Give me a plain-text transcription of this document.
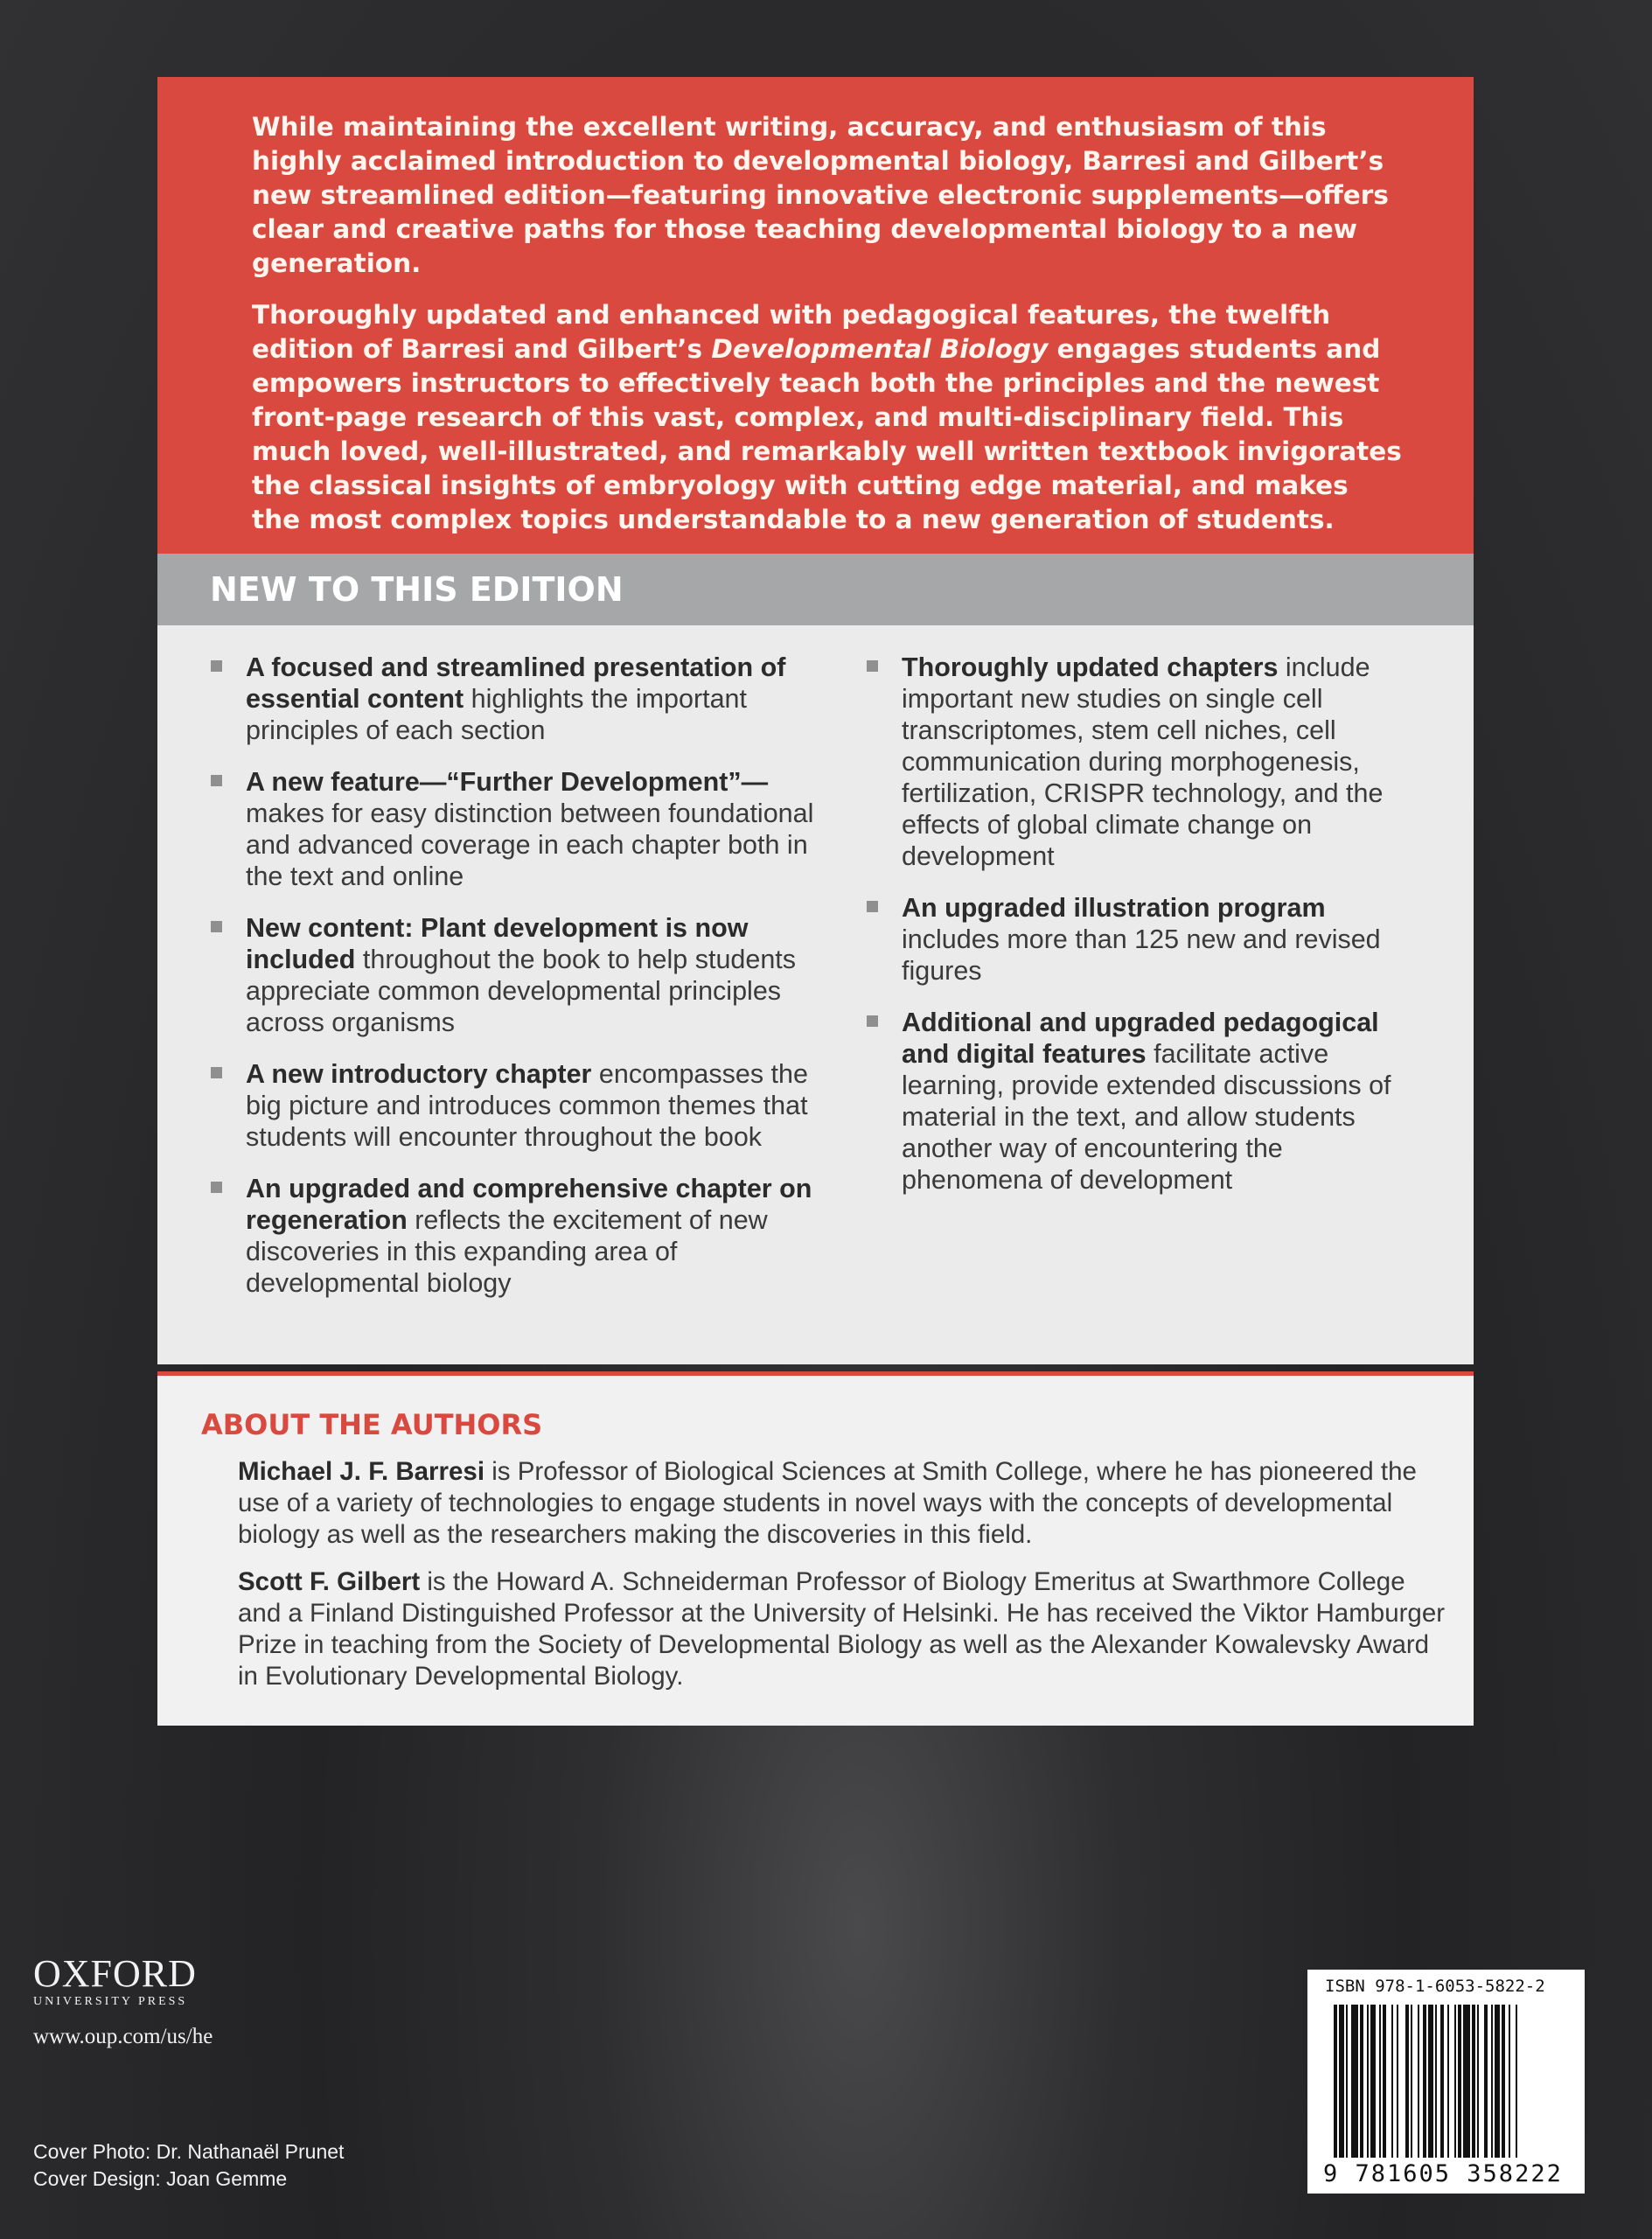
While maintaining the excellent writing, accuracy, and enthusiasm of this highly acclaimed introduction to developmental biology, Barresi and Gilbert’s new streamlined edition—featuring innovative electronic supplements—offers clear and creative paths for those teaching developmental biology to a new generation.

Thoroughly updated and enhanced with pedagogical features, the twelfth edition of Barresi and Gilbert’s Developmental Biology engages students and empowers instructors to effectively teach both the principles and the newest front-page research of this vast, complex, and multi-disciplinary field. This much loved, well-illustrated, and remarkably well written textbook invigorates the classical insights of embryology with cutting edge material, and makes the most complex topics understandable to a new generation of students.

NEW TO THIS EDITION
A focused and streamlined presentation of essential content highlights the important principles of each section
A new feature—“Further Development”— makes for easy distinction between foundational and advanced coverage in each chapter both in the text and online
New content: Plant development is now included throughout the book to help students appreciate common developmental principles across organisms
A new introductory chapter encompasses the big picture and introduces common themes that students will encounter throughout the book
An upgraded and comprehensive chapter on regeneration reflects the excitement of new discoveries in this expanding area of developmental biology
Thoroughly updated chapters include important new studies on single cell transcriptomes, stem cell niches, cell communication during morphogenesis, fertilization, CRISPR technology, and the effects of global climate change on development
An upgraded illustration program includes more than 125 new and revised figures
Additional and upgraded pedagogical and digital features facilitate active learning, provide extended discussions of material in the text, and allow students another way of encountering the phenomena of development
ABOUT THE AUTHORS
Michael J. F. Barresi is Professor of Biological Sciences at Smith College, where he has pioneered the use of a variety of technologies to engage students in novel ways with the concepts of developmental biology as well as the researchers making the discoveries in this field.
Scott F. Gilbert is the Howard A. Schneiderman Professor of Biology Emeritus at Swarthmore College and a Finland Distinguished Professor at the University of Helsinki. He has received the Viktor Hamburger Prize in teaching from the Society of Developmental Biology as well as the Alexander Kowalevsky Award in Evolutionary Developmental Biology.
OXFORD
UNIVERSITY PRESS
www.oup.com/us/he
Cover Photo: Dr. Nathanaël Prunet
Cover Design: Joan Gemme
ISBN 978-1-6053-5822-2
9 781605 358222
